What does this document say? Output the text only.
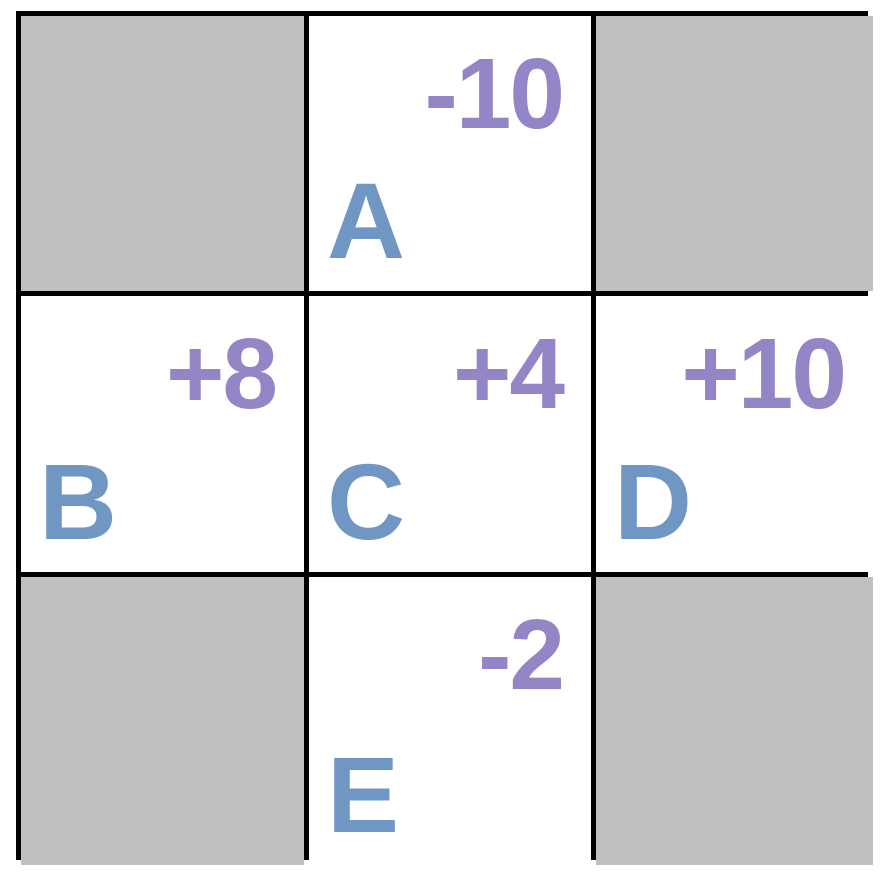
-10
A
+8
B
+4
C
+10
D
-2
E
